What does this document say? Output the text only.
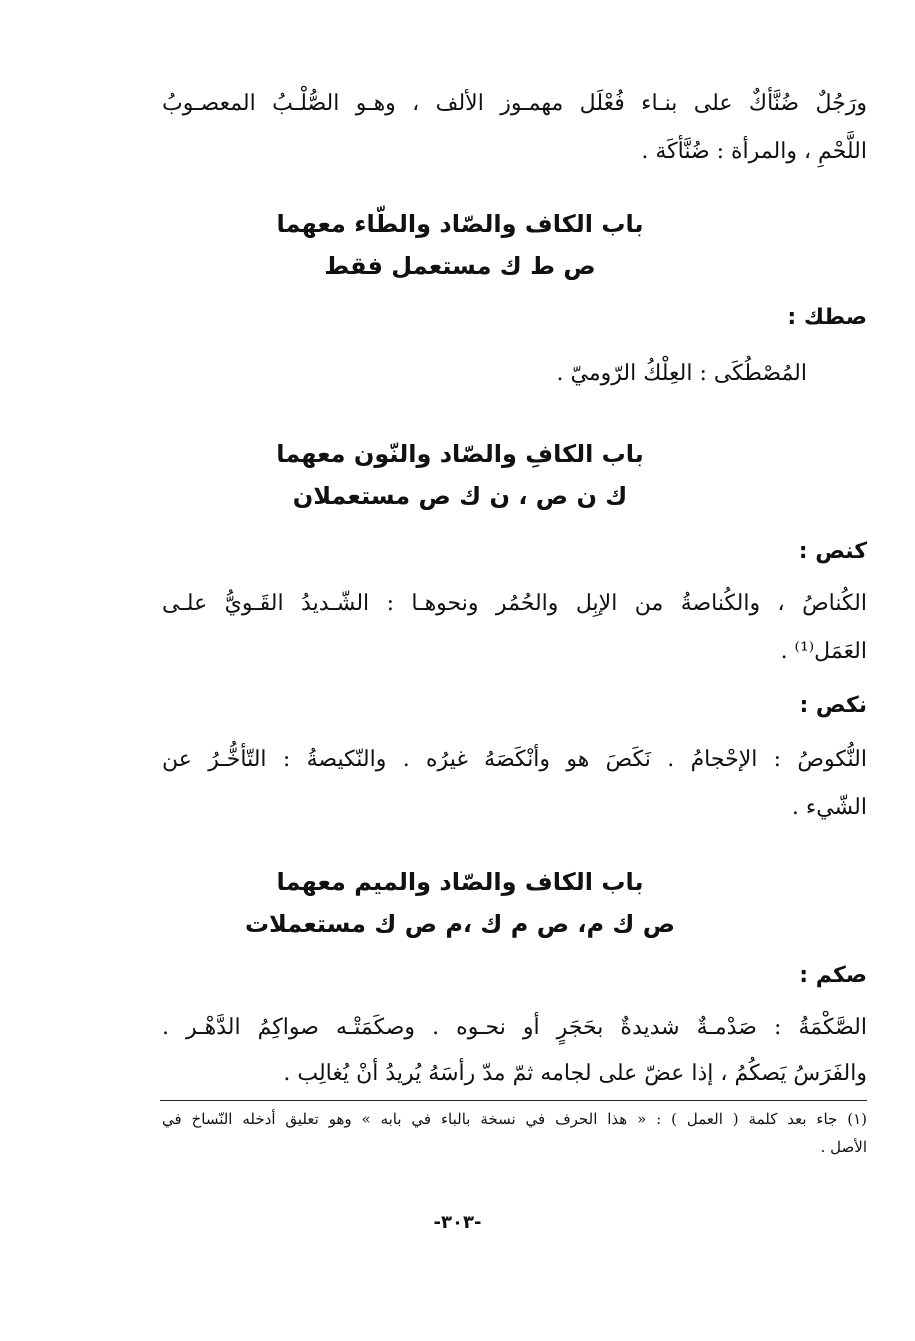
ورَجُلٌ ضُنَّأكٌ على بنـاء فُعْلَل مهمـوز الألف ، وهـو الصُّلْـبُ المعصـوبُ
اللَّحْمِ ، والمرأة : ضُنَّأكَة .
باب الكاف والصّاد والطّاء معهما
ص ط ك مستعمل فقط
صطك :
المُصْطُكَى : العِلْكُ الرّوميّ .
باب الكافِ والصّاد والنّون معهما
ك ن ص ، ن ك ص مستعملان
كنص :
الكُناصُ ، والكُناصةُ من الإبِل والحُمُر ونحوهـا : الشّـديدُ القَـويُّ علـى
العَمَل⁽¹⁾ .
نكص :
النُّكوصُ : الإحْجامُ . نَكَصَ هو وأنْكَصَهُ غيرُه . والنّكيصةُ : التّأخُّـرُ عن
الشّيء .
باب الكاف والصّاد والميم معهما
ص ك م، ص م ك ،م ص ك مستعملات
صكم :
الصَّكْمَةُ : صَدْمـةٌ شديدةٌ بحَجَرٍ أو نحـوه . وصكَمَتْـه صواكِمُ الدَّهْـر .
والفَرَسُ يَصكُمُ ، إذا عضّ على لجامه ثمّ مدّ رأسَهُ يُريدُ أنْ يُغالِب .
(١) جاء بعد كلمة ( العمل ) : « هذا الحرف في نسخة بالباء في بابه » وهو تعليق أدخله النّساخ في
الأصل .
-٣٠٣-
